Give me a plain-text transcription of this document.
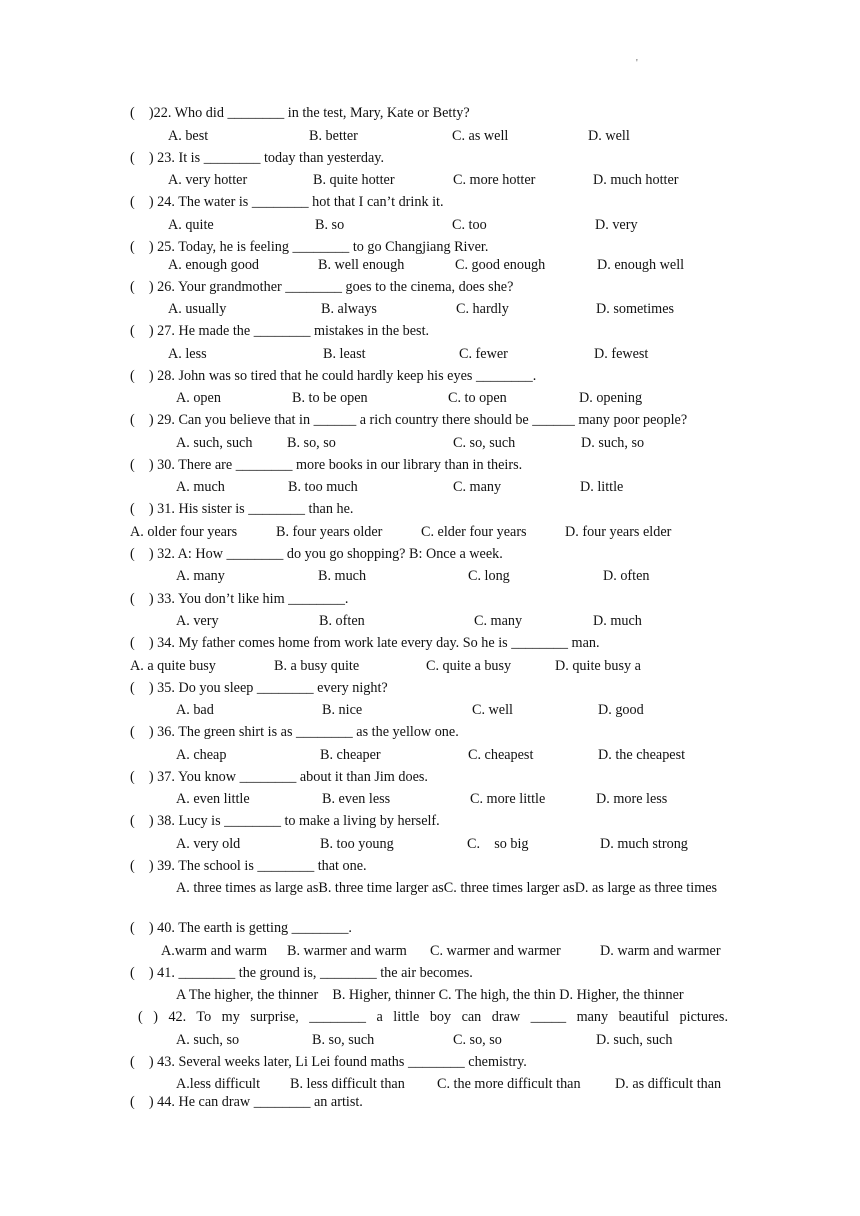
'
(    )22. Who did ________ in the test, Mary, Kate or Betty?
A. best	B. better	C. as well	D. well
(    ) 23. It is ________ today than yesterday.
A. very hotter	B. quite hotter	C. more hotter	D. much hotter
(    ) 24. The water is ________ hot that I can’t drink it.
A. quite	B. so	C. too	D. very
(    ) 25. Today, he is feeling ________ to go Changjiang River.
A. enough good	B. well enough	C. good enough	D. enough well
(    ) 26. Your grandmother ________ goes to the cinema, does she?
A. usually	B. always	C. hardly	D. sometimes
(    ) 27. He made the ________ mistakes in the best.
A. less	B. least	C. fewer	D. fewest
(    ) 28. John was so tired that he could hardly keep his eyes ________.
A. open	B. to be open	C. to open	D. opening
(    ) 29. Can you believe that in ______ a rich country there should be ______ many poor people?
A. such, such B. so, so	C. so, such	D. such, so
(    ) 30. There are ________ more books in our library than in theirs.
A. much	B. too much	C. many	D. little
(    ) 31. His sister is ________ than he.
A. older four years	B. four years older	C. elder four years	D. four years elder
(    ) 32. A: How ________ do you go shopping? B: Once a week.
A. many	B. much	C. long	D. often
(    ) 33. You don’t like him ________.
A. very	B. often	C. many	D. much
(    ) 34. My father comes home from work late every day. So he is ________ man.
A. a quite busy	B. a busy quite	C. quite a busy	D. quite busy a
(    ) 35. Do you sleep ________ every night?
A. bad	B. nice	C. well	D. good
(    ) 36. The green shirt is as ________ as the yellow one.
A. cheap	B. cheaper	C. cheapest	D. the cheapest
(    ) 37. You know ________ about it than Jim does.
A. even little	B. even less	C. more little	D. more less
(    ) 38. Lucy is ________ to make a living by herself.
A. very old	B. too young	C.    so big	D. much strong
(    ) 39. The school is ________ that one.
A. three times as large asB. three time larger asC. three times larger asD. as large as three times
(    ) 40. The earth is getting ________.
A.warm and warm B. warmer and warm C. warmer and warmer	D. warm and warmer
(    ) 41. ________ the ground is, ________ the air becomes.
A The higher, the thinner    B. Higher, thinner C. The high, the thin D. Higher, the thinner
( ) 42. To my surprise, ________ a little boy can draw _____ many beautiful pictures.
A. such, so	B. so, such	C. so, so	D. such, such
(    ) 43. Several weeks later, Li Lei found maths ________ chemistry.
A.less difficult B. less difficult than C. the more difficult than D. as difficult than
(    ) 44. He can draw ________ an artist.
